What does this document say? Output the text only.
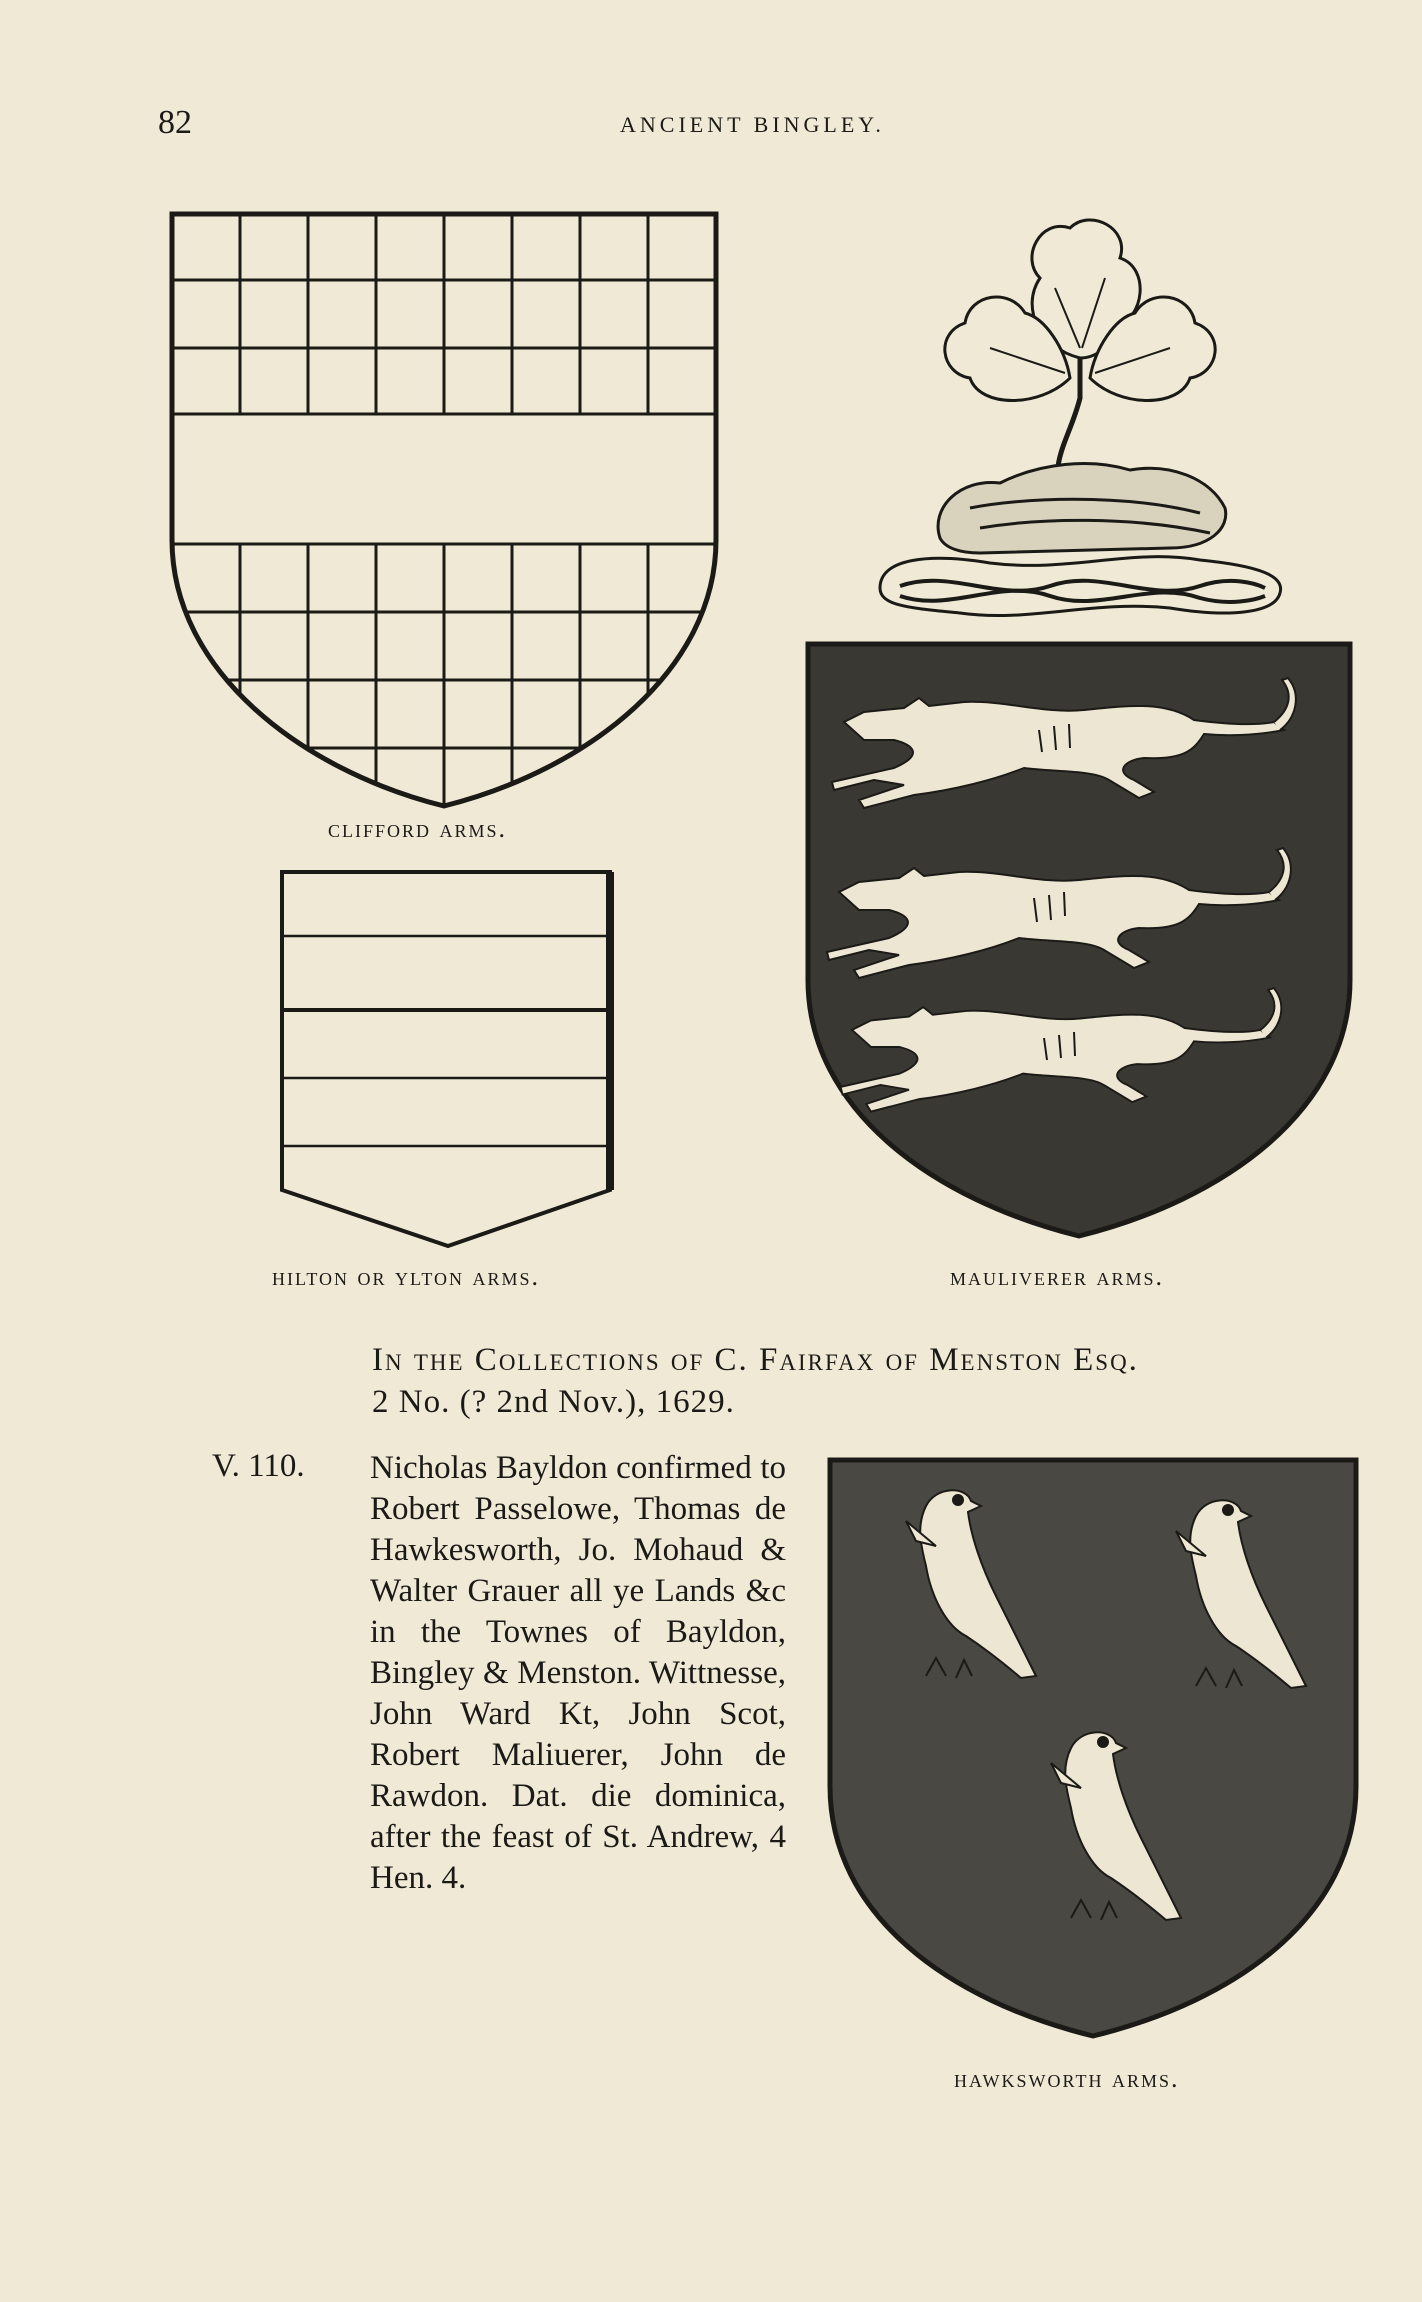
82	ANCIENT BINGLEY.
clifford arms.
hilton or ylton arms.	mauliverer arms.
In the Collections of C. Fairfax of Menston Esq.
2 No. (? 2nd Nov.), 1629.
V. 110. Nicholas Bayldon confirmed to Robert Passelowe, Thomas de Hawkesworth, Jo. Mohaud & Walter Grauer all ye Lands &c in the Townes of Bayldon, Bingley & Menston. Wittnesse, John Ward Kt, John Scot, Robert Maliuerer, John de Rawdon. Dat. die dominica, after the feast of St. Andrew, 4 Hen. 4.

hawksworth arms.
